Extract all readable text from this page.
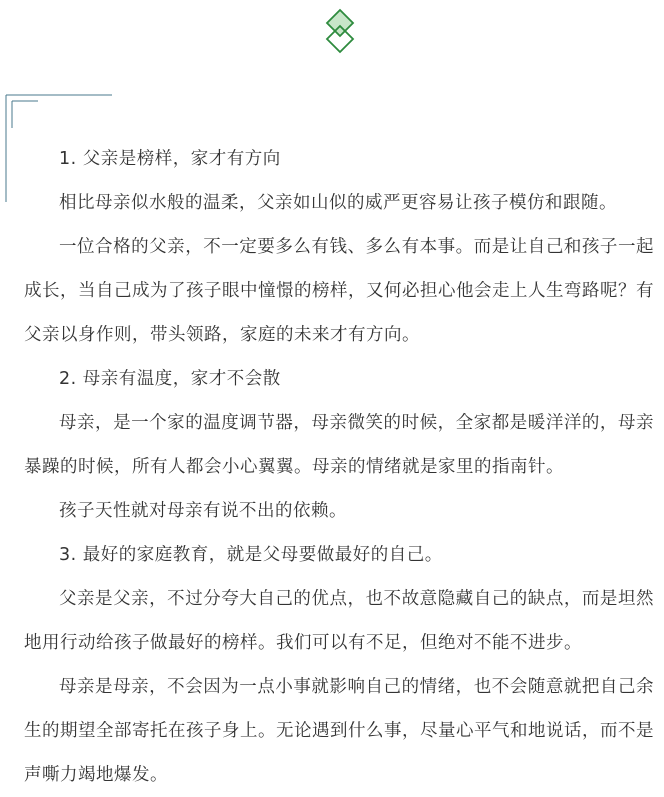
1. 父亲是榜样，家才有方向

相比母亲似水般的温柔，父亲如山似的威严更容易让孩子模仿和跟随。

一位合格的父亲，不一定要多么有钱、多么有本事。而是让自己和孩子一起成长，当自己成为了孩子眼中憧憬的榜样，又何必担心他会走上人生弯路呢？有父亲以身作则，带头领路，家庭的未来才有方向。

2. 母亲有温度，家才不会散

母亲，是一个家的温度调节器，母亲微笑的时候，全家都是暖洋洋的，母亲暴躁的时候，所有人都会小心翼翼。母亲的情绪就是家里的指南针。

孩子天性就对母亲有说不出的依赖。

3. 最好的家庭教育，就是父母要做最好的自己。

父亲是父亲，不过分夸大自己的优点，也不故意隐藏自己的缺点，而是坦然地用行动给孩子做最好的榜样。我们可以有不足，但绝对不能不进步。

母亲是母亲，不会因为一点小事就影响自己的情绪，也不会随意就把自己余生的期望全部寄托在孩子身上。无论遇到什么事，尽量心平气和地说话，而不是声嘶力竭地爆发。
